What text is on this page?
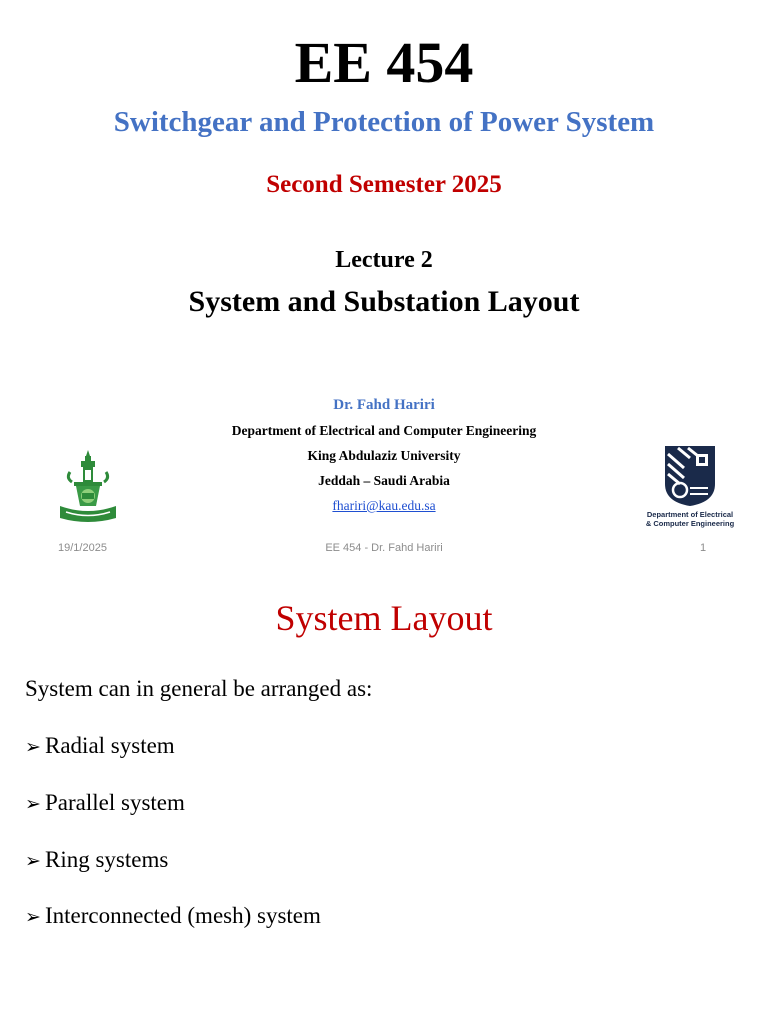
EE 454
Switchgear and Protection of Power System
Second Semester 2025
Lecture 2
System and Substation Layout
Dr. Fahd Hariri
Department of Electrical and Computer Engineering
King Abdulaziz University
Jeddah – Saudi Arabia
fhariri@kau.edu.sa
Department of Electrical
& Computer Engineering
19/1/2025	EE 454 - Dr. Fahd Hariri	1
System Layout
System can in general be arranged as:
➢ Radial system
➢ Parallel system
➢ Ring systems
➢ Interconnected (mesh) system
